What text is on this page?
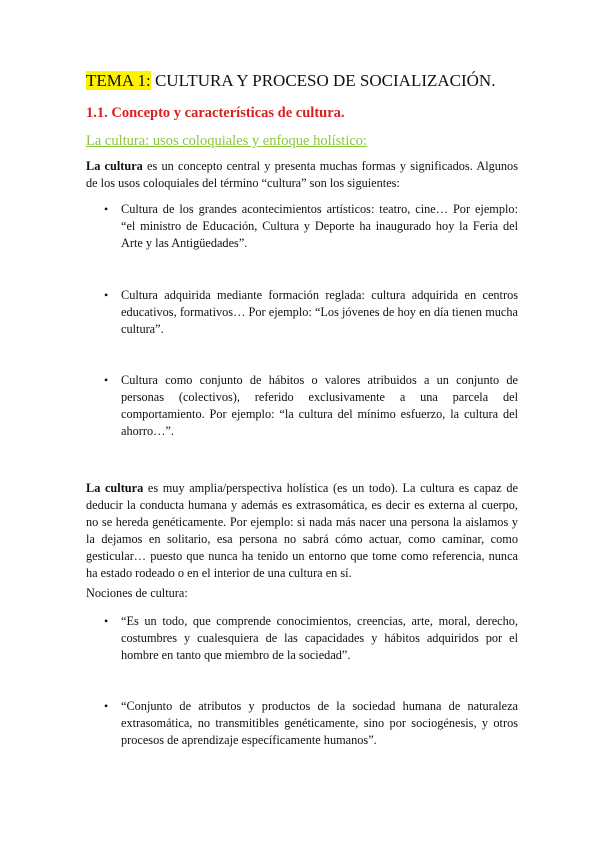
TEMA 1: CULTURA Y PROCESO DE SOCIALIZACIÓN.
1.1. Concepto y características de cultura.
La cultura: usos coloquiales y enfoque holístico:

La cultura es un concepto central y presenta muchas formas y significados. Algunos de los usos coloquiales del término “cultura” son los siguientes:

• Cultura de los grandes acontecimientos artísticos: teatro, cine… Por ejemplo: “el ministro de Educación, Cultura y Deporte ha inaugurado hoy la Feria del Arte y las Antigüedades”.
• Cultura adquirida mediante formación reglada: cultura adquirida en centros educativos, formativos… Por ejemplo: “Los jóvenes de hoy en día tienen mucha cultura”.
• Cultura como conjunto de hábitos o valores atribuidos a un conjunto de personas (colectivos), referido exclusivamente a una parcela del comportamiento. Por ejemplo: “la cultura del mínimo esfuerzo, la cultura del ahorro…”.

La cultura es muy amplia/perspectiva holística (es un todo). La cultura es capaz de deducir la conducta humana y además es extrasomática, es decir es externa al cuerpo, no se hereda genéticamente. Por ejemplo: si nada más nacer una persona la aislamos y la dejamos en solitario, esa persona no sabrá cómo actuar, como caminar, como gesticular… puesto que nunca ha tenido un entorno que tome como referencia, nunca ha estado rodeado o en el interior de una cultura en sí.

Nociones de cultura:

• “Es un todo, que comprende conocimientos, creencias, arte, moral, derecho, costumbres y cualesquiera de las capacidades y hábitos adquiridos por el hombre en tanto que miembro de la sociedad”.
• “Conjunto de atributos y productos de la sociedad humana de naturaleza extrasomática, no transmitibles genéticamente, sino por sociogénesis, y otros procesos de aprendizaje específicamente humanos”.
